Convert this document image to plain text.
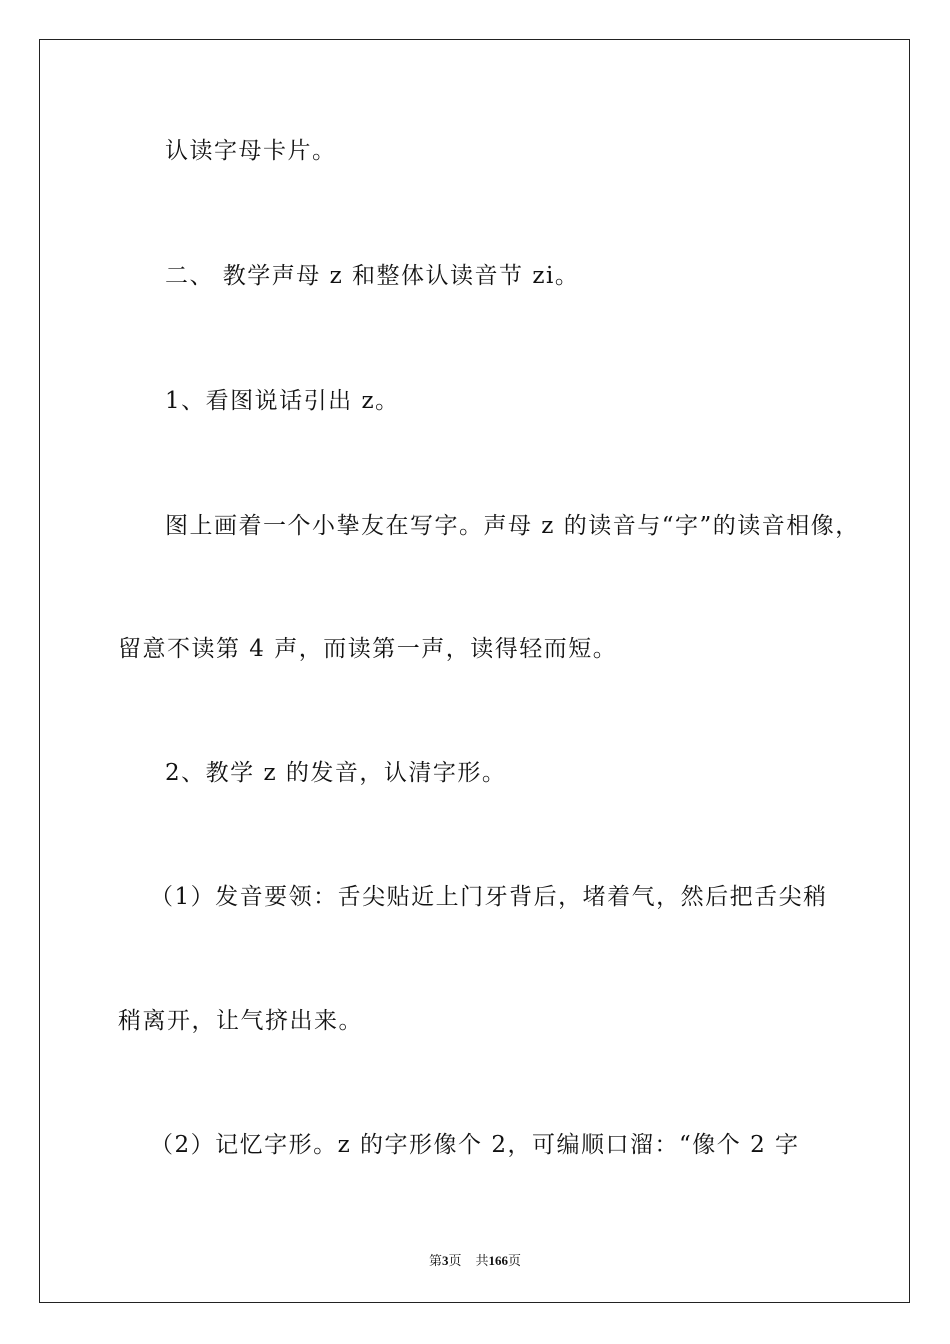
认读字母卡片。

二、 教学声母 z 和整体认读音节 zi。

1、看图说话引出 z。

图上画着一个小挚友在写字。声母 z 的读音与“字”的读音相像，

留意不读第 4 声，而读第一声，读得轻而短。

2、教学 z 的发音，认清字形。

（1）发音要领：舌尖贴近上门牙背后，堵着气，然后把舌尖稍

稍离开，让气挤出来。

（2）记忆字形。z 的字形像个 2，可编顺口溜：“像个 2 字

第3页 共166页
